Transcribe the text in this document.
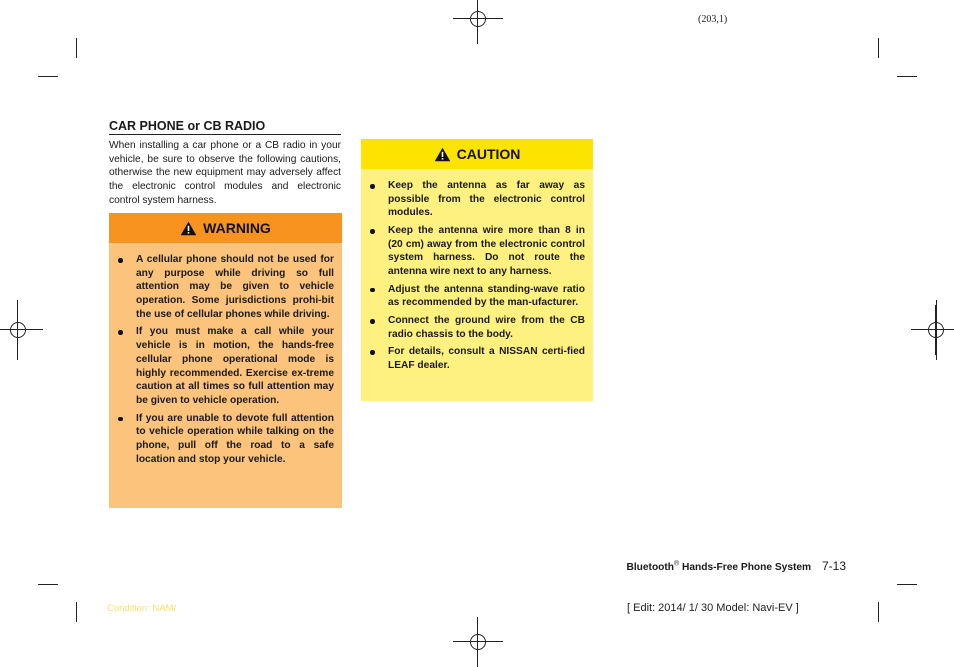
(203,1)
CAR PHONE or CB RADIO
When installing a car phone or a CB radio in your vehicle, be sure to observe the following cautions, otherwise the new equipment may adversely affect the electronic control modules and electronic control system harness.
WARNING
A cellular phone should not be used for any purpose while driving so full attention may be given to vehicle operation. Some jurisdictions prohi-bit the use of cellular phones while driving.
If you must make a call while your vehicle is in motion, the hands-free cellular phone operational mode is highly recommended. Exercise ex-treme caution at all times so full attention may be given to vehicle operation.
If you are unable to devote full attention to vehicle operation while talking on the phone, pull off the road to a safe location and stop your vehicle.
CAUTION
Keep the antenna as far away as possible from the electronic control modules.
Keep the antenna wire more than 8 in (20 cm) away from the electronic control system harness. Do not route the antenna wire next to any harness.
Adjust the antenna standing-wave ratio as recommended by the man-ufacturer.
Connect the ground wire from the CB radio chassis to the body.
For details, consult a NISSAN certi-fied LEAF dealer.
Bluetooth® Hands-Free Phone System 7-13
Condition: NAM/	[ Edit: 2014/ 1/ 30 Model: Navi-EV ]
